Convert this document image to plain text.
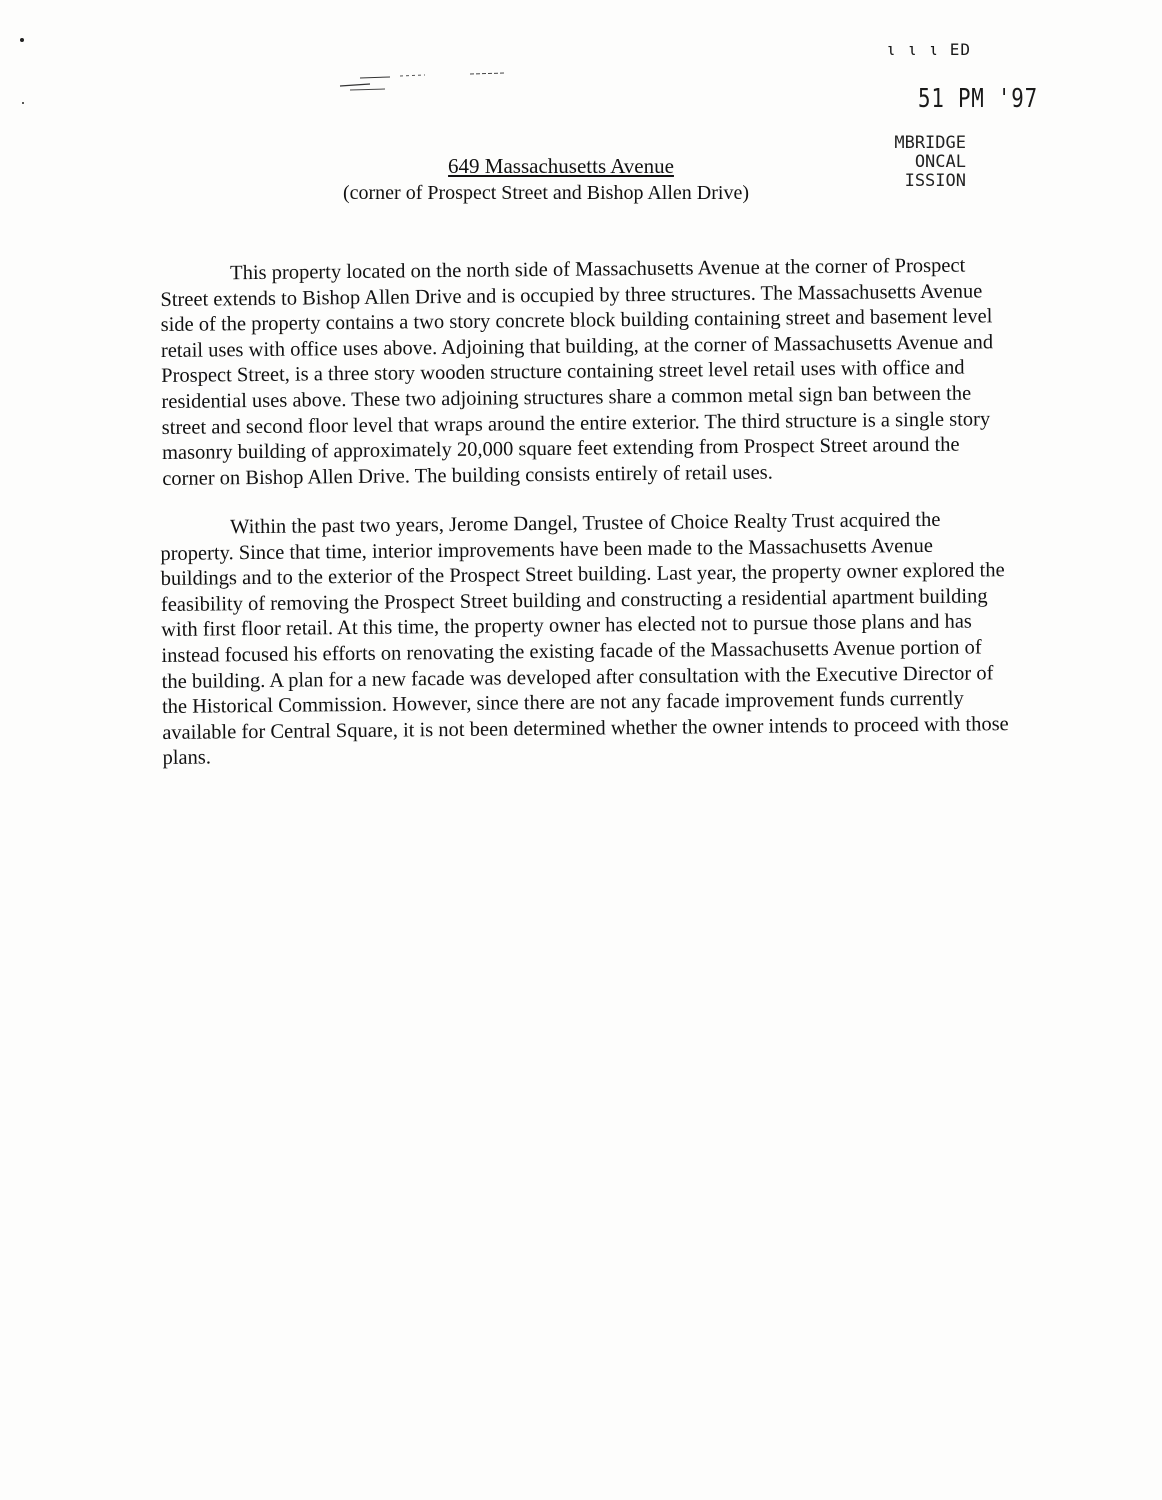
ι ι ι ED
51 PM '97
ΜBRIDGE
ΟΝCAL
ΙSSION
649 Massachusetts Avenue
(corner of Prospect Street and Bishop Allen Drive)

This property located on the north side of Massachusetts Avenue at the corner of Prospect Street extends to Bishop Allen Drive and is occupied by three structures. The Massachusetts Avenue side of the property contains a two story concrete block building containing street and basement level retail uses with office uses above. Adjoining that building, at the corner of Massachusetts Avenue and Prospect Street, is a three story wooden structure containing street level retail uses with office and residential uses above. These two adjoining structures share a common metal sign ban between the street and second floor level that wraps around the entire exterior. The third structure is a single story masonry building of approximately 20,000 square feet extending from Prospect Street around the corner on Bishop Allen Drive. The building consists entirely of retail uses.

Within the past two years, Jerome Dangel, Trustee of Choice Realty Trust acquired the property. Since that time, interior improvements have been made to the Massachusetts Avenue buildings and to the exterior of the Prospect Street building. Last year, the property owner explored the feasibility of removing the Prospect Street building and constructing a residential apartment building with first floor retail. At this time, the property owner has elected not to pursue those plans and has instead focused his efforts on renovating the existing facade of the Massachusetts Avenue portion of the building. A plan for a new facade was developed after consultation with the Executive Director of the Historical Commission. However, since there are not any facade improvement funds currently available for Central Square, it is not been determined whether the owner intends to proceed with those plans.
